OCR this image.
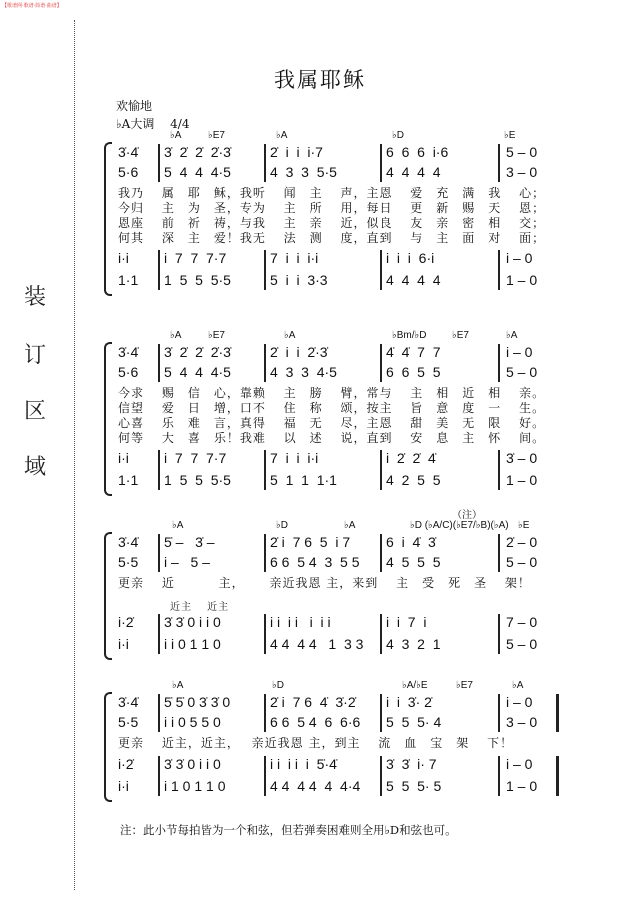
【歌谱网·歌谱·简谱·曲谱】
装
订
区
域
我属耶稣
欢愉地
♭A大调　 4/4
♭A	♭E7	♭A	♭D	♭E
3̇·4̇ 3̇  2̇  2̇  2̇·3̇	2̇  i  i  i·7	6  6  6  i·6	5 – 0
5·6 5  4  4  4·5	4  3  3  5·5	4  4  4  4	3 – 0
i·i	i  7  7  7·7	7  i  i  i·i	i  i  i  6·i	i – 0
1·1 1  5  5  5·5	5  i  i  3·3	4  4  4  4	1 – 0
我乃　 属　耶　稣，我听　 闻　主　 声，主恩　 爱　充　满　我　 心；
今归　 主　为　圣，专为　 主　所　 用，每日　 更　新　赐　天　 恩；
恩座　 前　祈　祷，与我　 主　亲　 近，似良　 友　亲　密　相　 交；
何其　 深　主　爱！我无　 法　测　 度，直到　 与　主　面　对　 面；
♭A	♭E7	♭A	♭Bm/♭D	♭E7	♭A
3̇·4̇ 3̇  2̇  2̇  2̇·3̇	2̇  i  i  2̇·3̇	4̇  4̇  7  7	i – 0
5·6 5  4  4  4·5	4  3  3  4·5	6  6  5  5	5 – 0
i·i	i  7  7  7·7	7  i  i  i·i	i  2̇  2̇  4̇	3̇ – 0
1·1 1  5  5  5·5	5  1  1  1·1	4  2  5  5	1 – 0
今求　 赐　信　心，靠赖　 主　膀　 臂，常与　 主　相　近　相　 亲。
信望　 爱　日　增，口不　 住　称　 颂，按主　 旨　意　度　一　 生。
心喜　 乐　难　言，真得　 福　无　 尽，主恩　 甜　美　无　限　 好。
何等　 大　喜　乐！我难　 以　述　 说，直到　 安　息　主　怀　 间。
（注）
♭A	♭D	♭A	♭D (♭A/C)(♭E7/♭B)(♭A) ♭E
3̇·4̇ 5̇ –   3̇ –	2̇ i  7 6  5  i 7	6  i  4̇  3̇	2̇ – 0
5·5 i –   5 –	6 6  5 4  3  5 5 4  5  5  5	5 – 0
i·2̇ 3̇ 3̇ 0 i i 0	i i  i i   i  i i	i  i  7  i	7 – 0
i·i	i i 0 1 1 0	4 4  4 4   1  3 3 4  3  2  1	5 – 0
更亲　 近　　　 主，　　 亲近我恩 主，来到　 主　受　死　圣　 架！
近主　 近主
♭A	♭D	♭A/♭E	♭E7	♭A
3̇·4̇ 5̇ 5̇ 0 3̇ 3̇ 0	2̇ i  7 6  4̇  3̇·2̇ i  i  3̇· 2̇	i – 0
5·5 i i 0 5 5 0	6 6  5 4  6  6·6 5  5  5· 4	3 – 0
i·2̇ 3̇ 3̇ 0 i i 0	i i  i i  i  5̇·4̇	3̇  3̇  i· 7	i – 0
i·i	i 1 0 1 1 0	4 4  4 4  4  4·4 5  5  5· 5	1 – 0
更亲　 近主，近主，　 亲近我恩 主，到主　 流　血　宝　架　 下！
注：此小节每拍皆为一个和弦，但若弹奏困难则全用♭D和弦也可。
